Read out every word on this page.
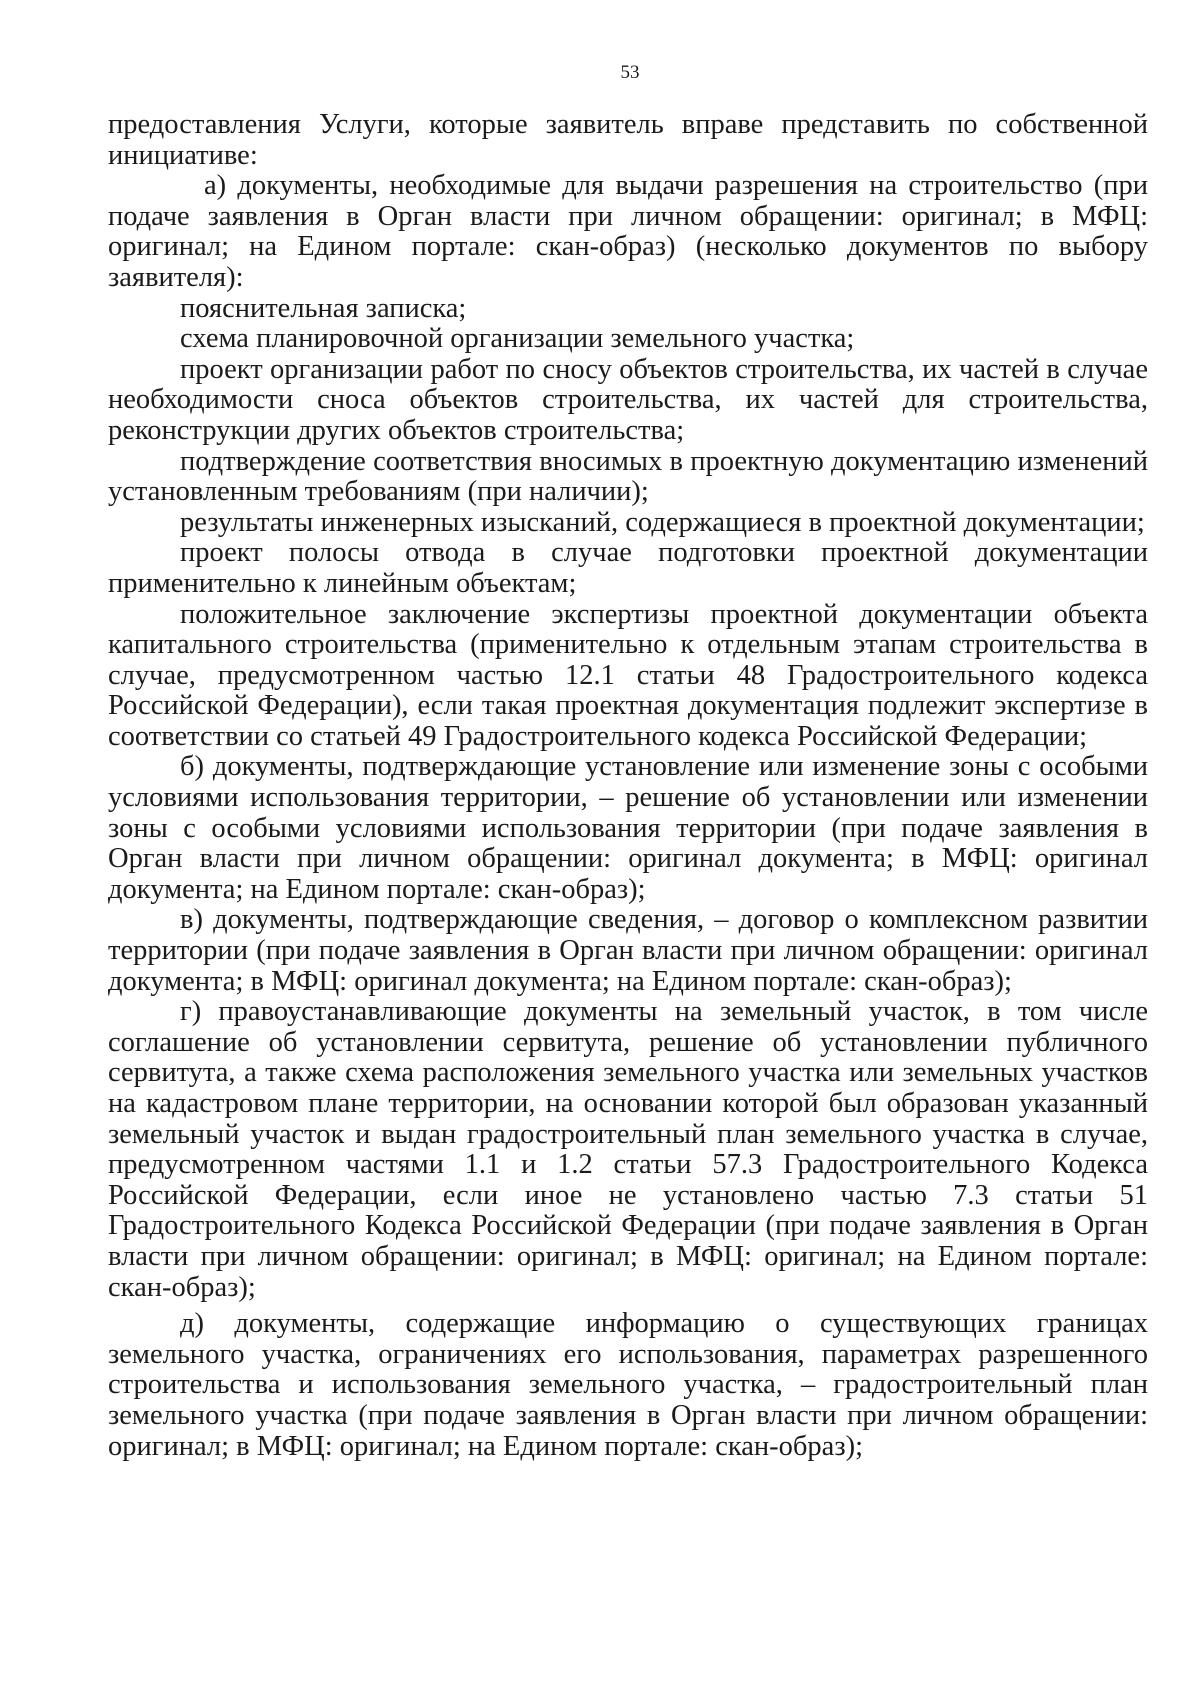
53

предоставления Услуги, которые заявитель вправе представить по собственной инициативе:

а) документы, необходимые для выдачи разрешения на строительство (при подаче заявления в Орган власти при личном обращении: оригинал; в МФЦ: оригинал; на Едином портале: скан-образ) (несколько документов по выбору заявителя):

пояснительная записка;

схема планировочной организации земельного участка;

проект организации работ по сносу объектов строительства, их частей в случае необходимости сноса объектов строительства, их частей для строительства, реконструкции других объектов строительства;

подтверждение соответствия вносимых в проектную документацию изменений установленным требованиям (при наличии);

результаты инженерных изысканий, содержащиеся в проектной документации;

проект полосы отвода в случае подготовки проектной документации применительно к линейным объектам;

положительное заключение экспертизы проектной документации объекта капитального строительства (применительно к отдельным этапам строительства в случае, предусмотренном частью 12.1 статьи 48 Градостроительного кодекса Российской Федерации), если такая проектная документация подлежит экспертизе в соответствии со статьей 49 Градостроительного кодекса Российской Федерации;

б) документы, подтверждающие установление или изменение зоны с особыми условиями использования территории, – решение об установлении или изменении зоны с особыми условиями использования территории (при подаче заявления в Орган власти при личном обращении: оригинал документа; в МФЦ: оригинал документа; на Едином портале: скан-образ);

в) документы, подтверждающие сведения, – договор о комплексном развитии территории (при подаче заявления в Орган власти при личном обращении: оригинал документа; в МФЦ: оригинал документа; на Едином портале: скан-образ);

г) правоустанавливающие документы на земельный участок, в том числе соглашение об установлении сервитута, решение об установлении публичного сервитута, а также схема расположения земельного участка или земельных участков на кадастровом плане территории, на основании которой был образован указанный земельный участок и выдан градостроительный план земельного участка в случае, предусмотренном частями 1.1 и 1.2 статьи 57.3 Градостроительного Кодекса Российской Федерации, если иное не установлено частью 7.3 статьи 51 Градостроительного Кодекса Российской Федерации (при подаче заявления в Орган власти при личном обращении: оригинал; в МФЦ: оригинал; на Едином портале: скан-образ);

д) документы, содержащие информацию о существующих границах земельного участка, ограничениях его использования, параметрах разрешенного строительства и использования земельного участка, – градостроительный план земельного участка (при подаче заявления в Орган власти при личном обращении: оригинал; в МФЦ: оригинал; на Едином портале: скан-образ);
